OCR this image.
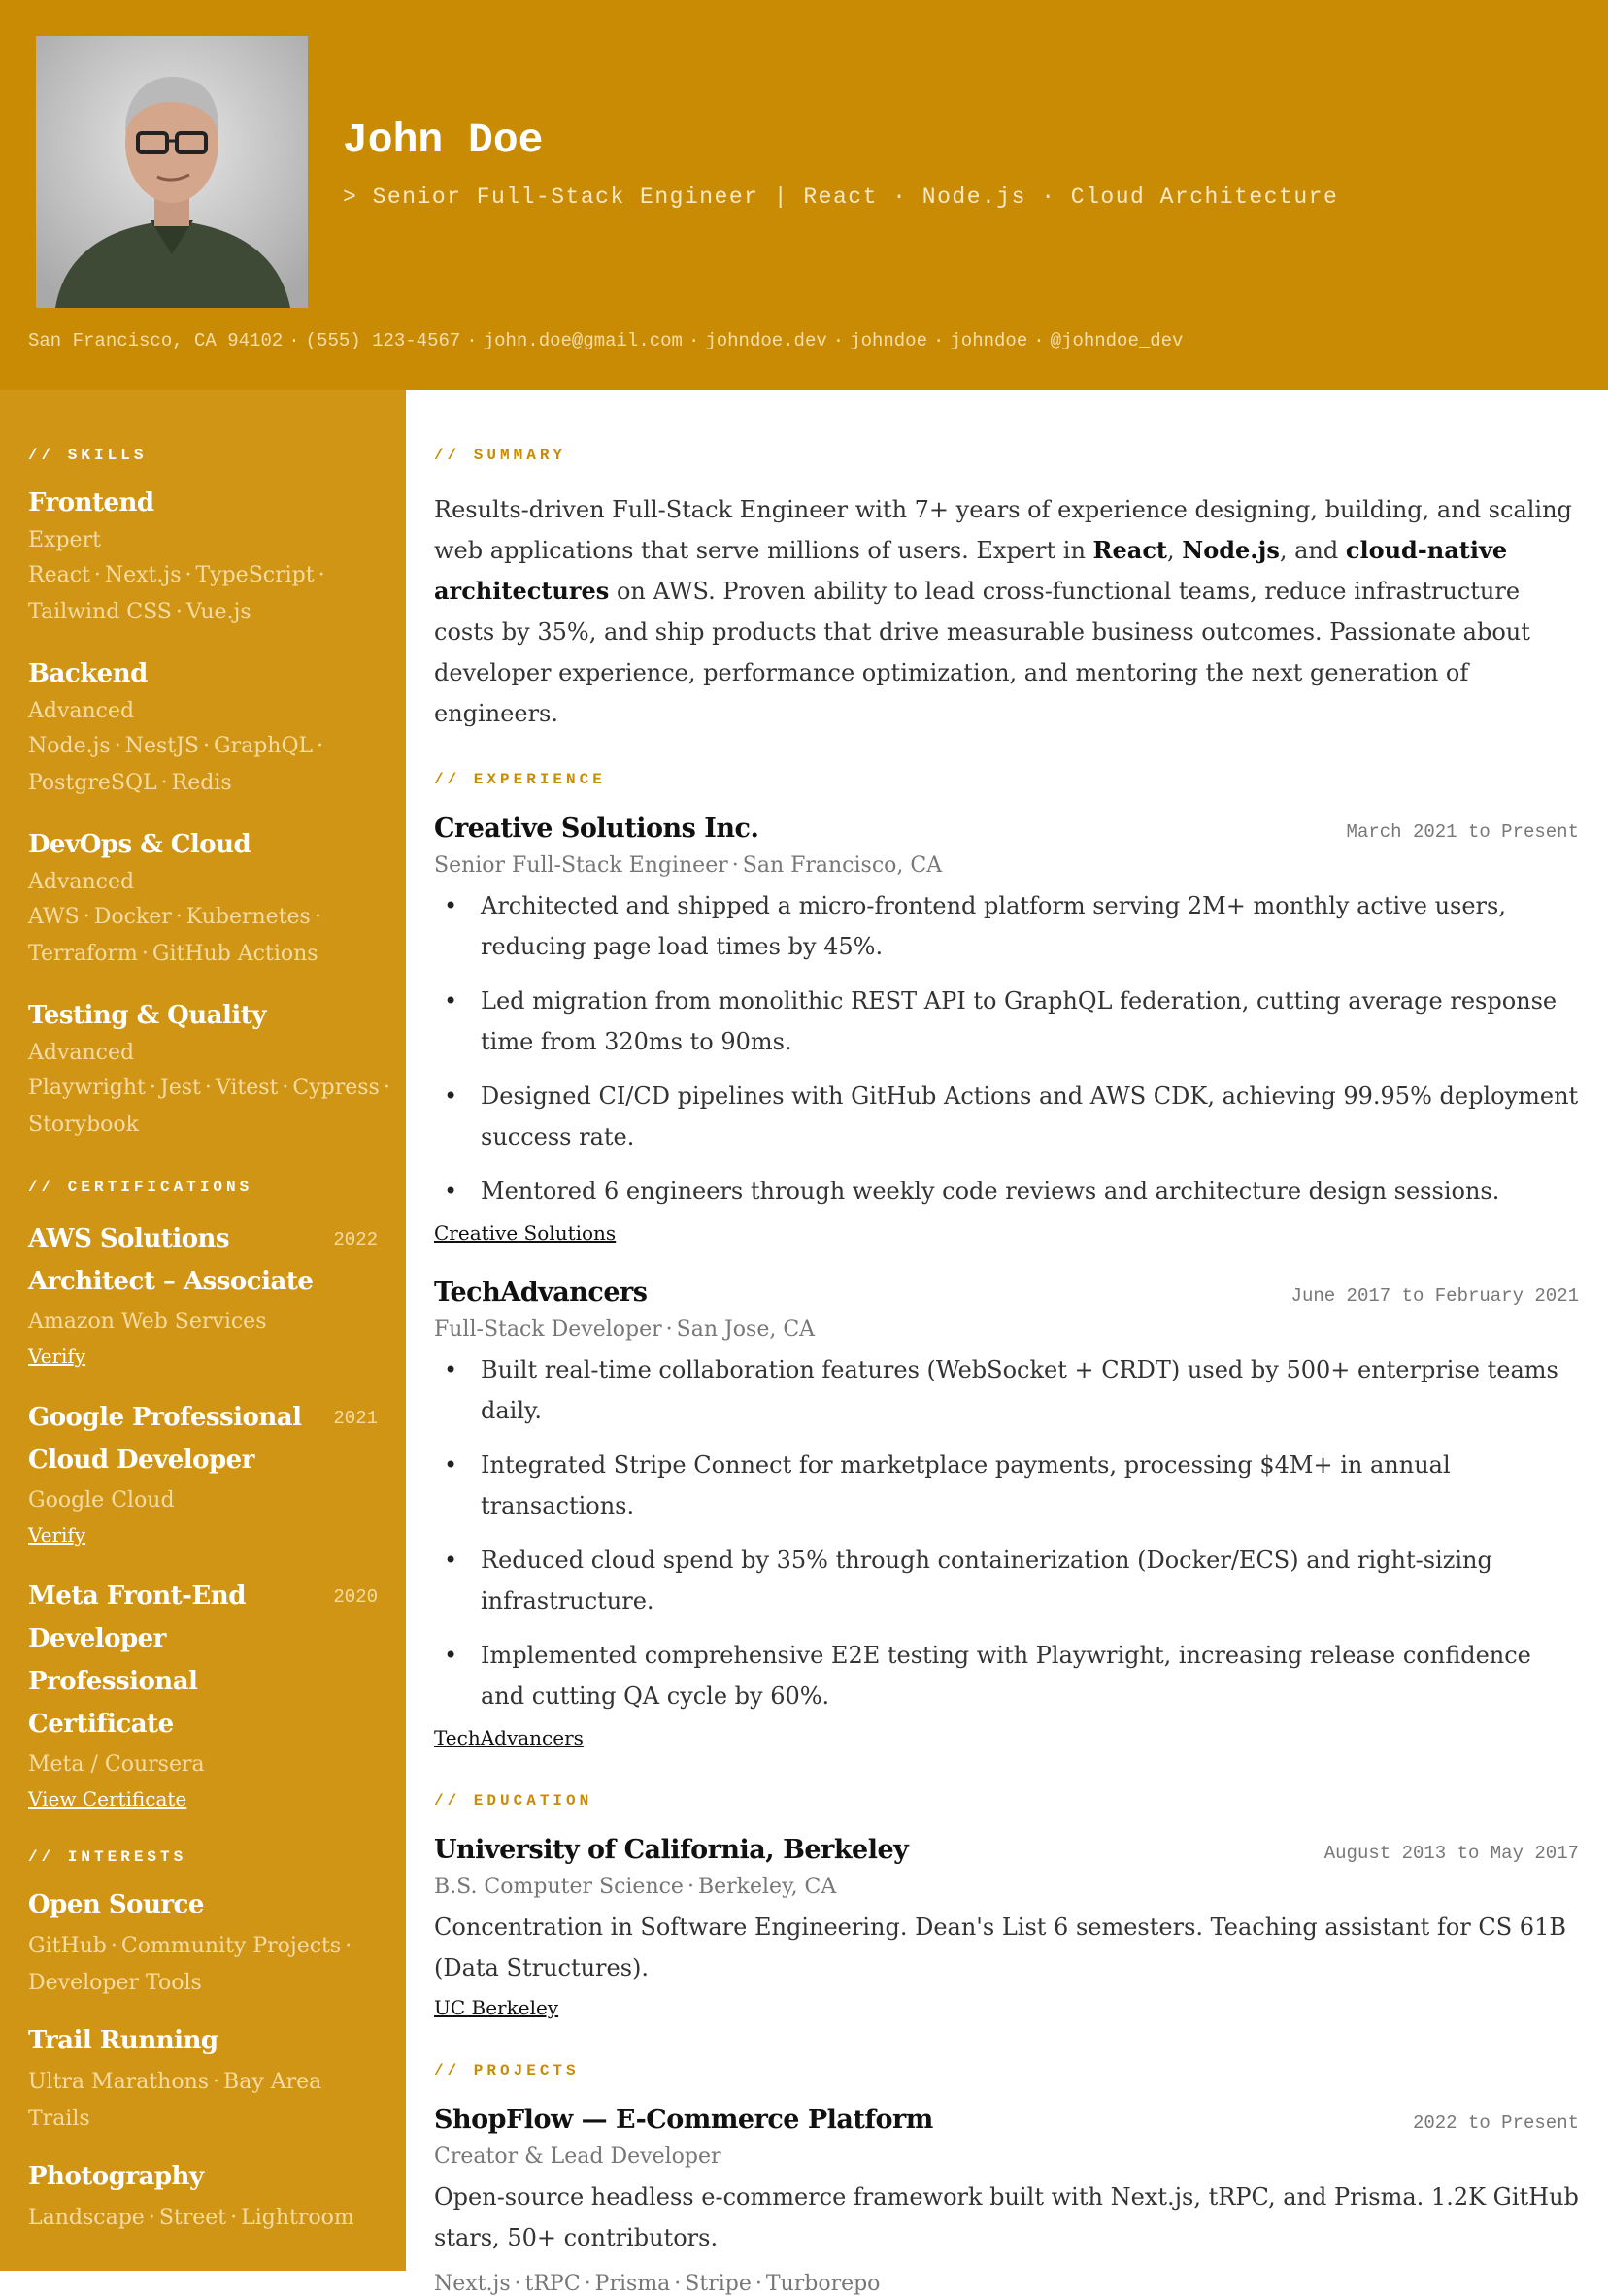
John Doe
> Senior Full-Stack Engineer | React · Node.js · Cloud Architecture
San Francisco, CA 94102 · (555) 123-4567 · john.doe@gmail.com · johndoe.dev · johndoe · johndoe · @johndoe_dev
// SKILLS
Frontend
Expert
React · Next.js · TypeScript ·
Tailwind CSS · Vue.js
Backend
Advanced
Node.js · NestJS · GraphQL ·
PostgreSQL · Redis
DevOps & Cloud
Advanced
AWS · Docker · Kubernetes ·
Terraform · GitHub Actions
Testing & Quality
Advanced
Playwright · Jest · Vitest · Cypress ·
Storybook
// CERTIFICATIONS
AWS Solutions Architect – Associate
2022
Amazon Web Services
Verify
Google Professional Cloud Developer
2021
Google Cloud
Verify
Meta Front-End Developer Professional Certificate
2020
Meta / Coursera
View Certificate
// INTERESTS
Open Source
GitHub · Community Projects ·
Developer Tools
Trail Running
Ultra Marathons · Bay Area Trails
Photography
Landscape · Street · Lightroom
// SUMMARY
Results-driven Full-Stack Engineer with 7+ years of experience designing, building, and scaling web applications that serve millions of users. Expert in React, Node.js, and cloud-native architectures on AWS. Proven ability to lead cross-functional teams, reduce infrastructure costs by 35%, and ship products that drive measurable business outcomes. Passionate about developer experience, performance optimization, and mentoring the next generation of engineers.
// EXPERIENCE
Creative Solutions Inc.	March 2021 to Present
Senior Full-Stack Engineer · San Francisco, CA
• Architected and shipped a micro-frontend platform serving 2M+ monthly active users, reducing page load times by 45%.
• Led migration from monolithic REST API to GraphQL federation, cutting average response time from 320ms to 90ms.
• Designed CI/CD pipelines with GitHub Actions and AWS CDK, achieving 99.95% deployment success rate.
• Mentored 6 engineers through weekly code reviews and architecture design sessions.
Creative Solutions
TechAdvancers	June 2017 to February 2021
Full-Stack Developer · San Jose, CA
• Built real-time collaboration features (WebSocket + CRDT) used by 500+ enterprise teams daily.
• Integrated Stripe Connect for marketplace payments, processing $4M+ in annual transactions.
• Reduced cloud spend by 35% through containerization (Docker/ECS) and right-sizing infrastructure.
• Implemented comprehensive E2E testing with Playwright, increasing release confidence and cutting QA cycle by 60%.
TechAdvancers
// EDUCATION
University of California, Berkeley	August 2013 to May 2017
B.S. Computer Science · Berkeley, CA
Concentration in Software Engineering. Dean's List 6 semesters. Teaching assistant for CS 61B (Data Structures).
UC Berkeley
// PROJECTS
ShopFlow — E-Commerce Platform	2022 to Present
Creator & Lead Developer
Open-source headless e-commerce framework built with Next.js, tRPC, and Prisma. 1.2K GitHub stars, 50+ contributors.
Next.js · tRPC · Prisma · Stripe · Turborepo
